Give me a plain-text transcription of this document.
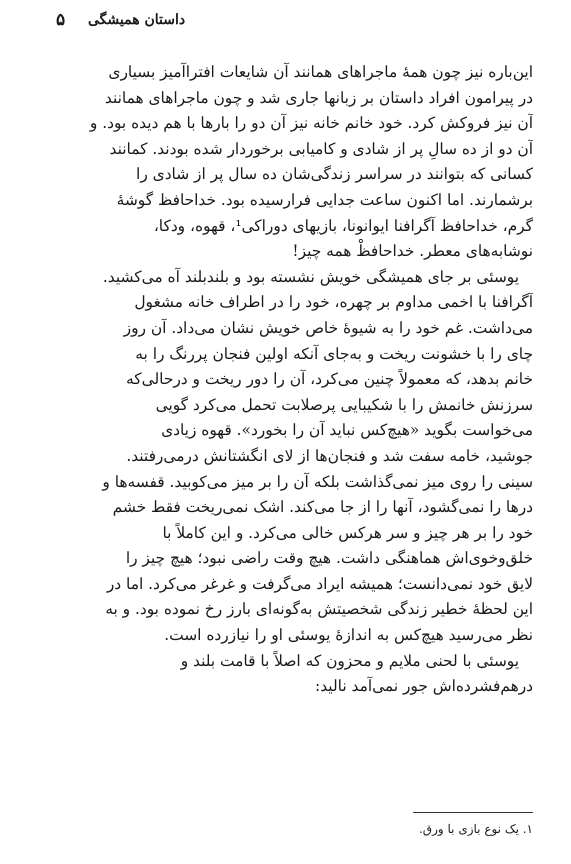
۵ داستان همیشگی
این‌باره نیز چون همهٔ ماجراهای همانند آن شایعات افتراآمیز بسیاری
در پیرامون افراد داستان بر زبانها جاری شد و چون ماجراهای همانند
آن نیز فروکش کرد. خود خانم خانه نیز آن دو را بارها با هم دیده بود. و
آن دو از ده سالِ پر از شادی و کامیابی برخوردار شده بودند. کمانند
کسانی که بتوانند در سراسر زندگی‌شان ده سال پر از شادی را
برشمارند. اما اکنون ساعت جدایی فرا‌رسیده بود. خداحافظ گوشهٔ
گرم، خداحافظ آگرافنا ایوانونا، بازیهای دوراکی¹، قهوه، ودکا،
نوشابه‌های معطر. خداحافظْ همه چیز!
یوسئی بر جای همیشگی خویش نشسته بود و بلندبلند آه می‌کشید.
آگرافنا با اخمی مداوم بر چهره، خود را در اطراف خانه مشغول
می‌داشت. غم خود را به شیوهٔ خاص خویش نشان می‌داد. آن روز
چای را با خشونت ریخت و به‌جای آنکه اولین فنجان پررنگ را به
خانم بدهد، که معمولاً چنین می‌کرد، آن را دور ریخت و درحالی‌که
سرزنش خانمش را با شکیبایی پرصلابت تحمل می‌کرد گویی
می‌خواست بگوید «هیچ‌کس نباید آن را بخورد». قهوه زیادی
جوشید، خامه سفت شد و فنجان‌ها از لای انگشتانش درمی‌رفتند.
سینی را روی میز نمی‌گذاشت بلکه آن را بر میز می‌کوبید. قفسه‌ها و
درها را نمی‌گشود، آنها را از جا می‌کند. اشک نمی‌ریخت فقط خشم
خود را بر هر چیز و سر هرکس خالی می‌کرد. و این کاملاً با
خلق‌وخوی‌اش هماهنگی داشت. هیچ وقت راضی نبود؛ هیچ چیز را
لایق خود نمی‌دانست؛ همیشه ایراد می‌گرفت و غرغر می‌کرد. اما در
این لحظهٔ خطیر زندگی شخصیتش به‌گونه‌ای بارز رخ نموده بود. و به
نظر می‌رسید هیچ‌کس به اندازهٔ یوسئی او را نیازرده است.
یوسئی با لحنی ملایم و محزون که اصلاً با قامت بلند و
درهم‌فشرده‌اش جور نمی‌آمد نالید:
۱. یک نوع بازی با ورق.
